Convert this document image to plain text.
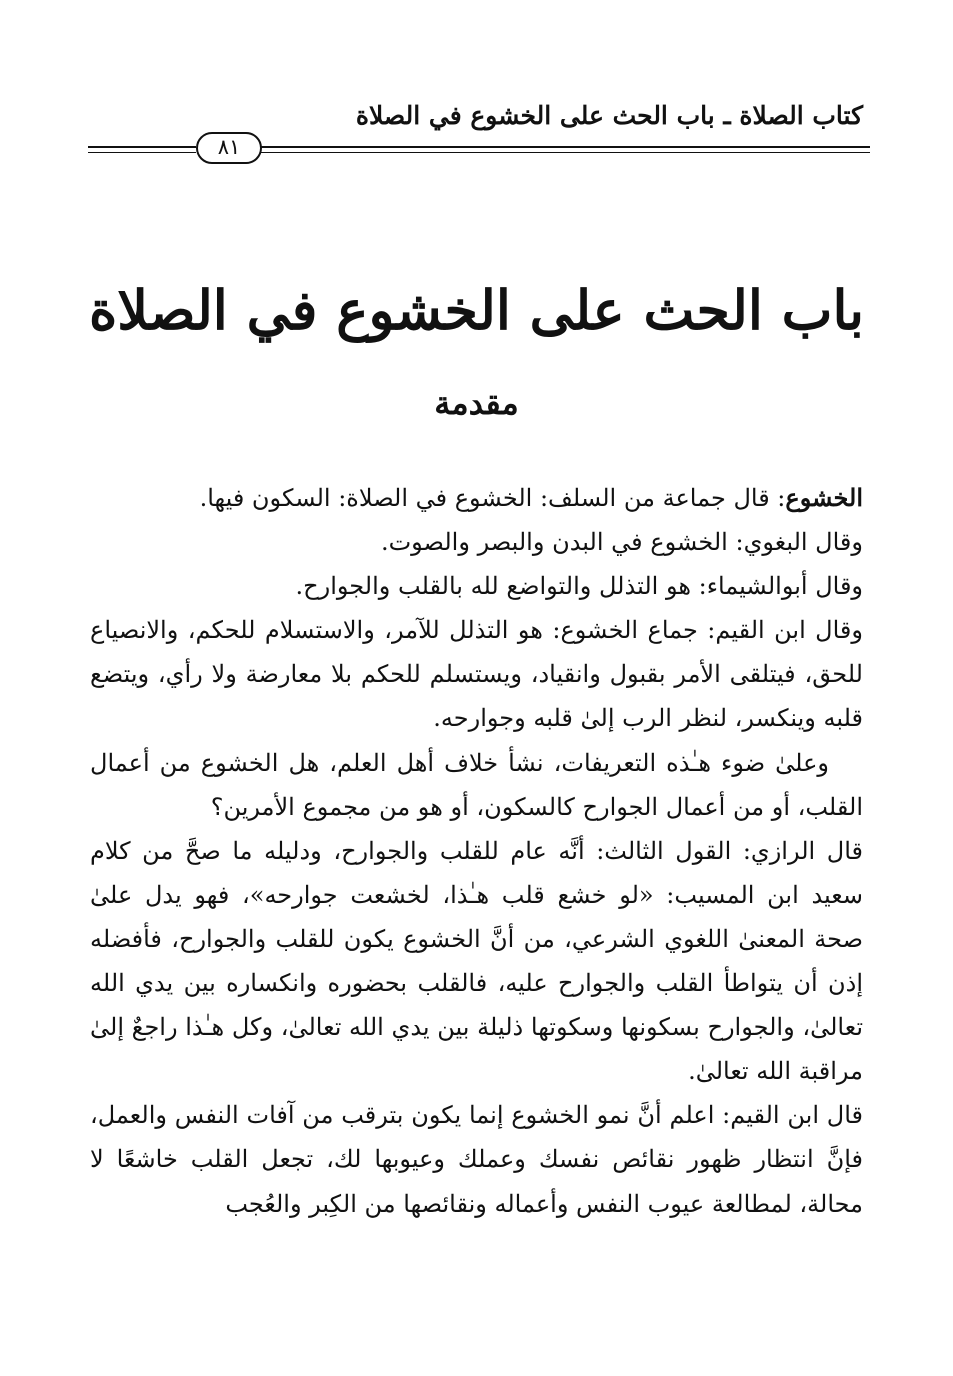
كتاب الصلاة ـ باب الحث على الخشوع في الصلاة
٨١
باب الحث على الخشوع في الصلاة
مقدمة

الخشوع: قال جماعة من السلف: الخشوع في الصلاة: السكون فيها.

وقال البغوي: الخشوع في البدن والبصر والصوت.

وقال أبوالشيماء: هو التذلل والتواضع لله بالقلب والجوارح.

وقال ابن القيم: جماع الخشوع: هو التذلل للآمر، والاستسلام للحكم، والانصياع للحق، فيتلقى الأمر بقبول وانقياد، ويستسلم للحكم بلا معارضة ولا رأي، ويتضع قلبه وينكسر، لنظر الرب إلىٰ قلبه وجوارحه.

وعلىٰ ضوء هـٰذه التعريفات، نشأ خلاف أهل العلم، هل الخشوع من أعمال القلب، أو من أعمال الجوارح كالسكون، أو هو من مجموع الأمرين؟

قال الرازي: القول الثالث: أنَّه عام للقلب والجوارح، ودليله ما صحَّ من كلام سعيد ابن المسيب: «لو خشع قلب هـٰذا، لخشعت جوارحه»، فهو يدل علىٰ صحة المعنىٰ اللغوي الشرعي، من أنَّ الخشوع يكون للقلب والجوارح، فأفضله إذن أن يتواطأ القلب والجوارح عليه، فالقلب بحضوره وانكساره بين يدي الله تعالىٰ، والجوارح بسكونها وسكوتها ذليلة بين يدي الله تعالىٰ، وكل هـٰذا راجعٌ إلىٰ مراقبة الله تعالىٰ.

قال ابن القيم: اعلم أنَّ نمو الخشوع إنما يكون بترقب من آفات النفس والعمل، فإنَّ انتظار ظهور نقائص نفسك وعملك وعيوبها لك، تجعل القلب خاشعًا لا محالة، لمطالعة عيوب النفس وأعماله ونقائصها من الكِبر والعُجب
